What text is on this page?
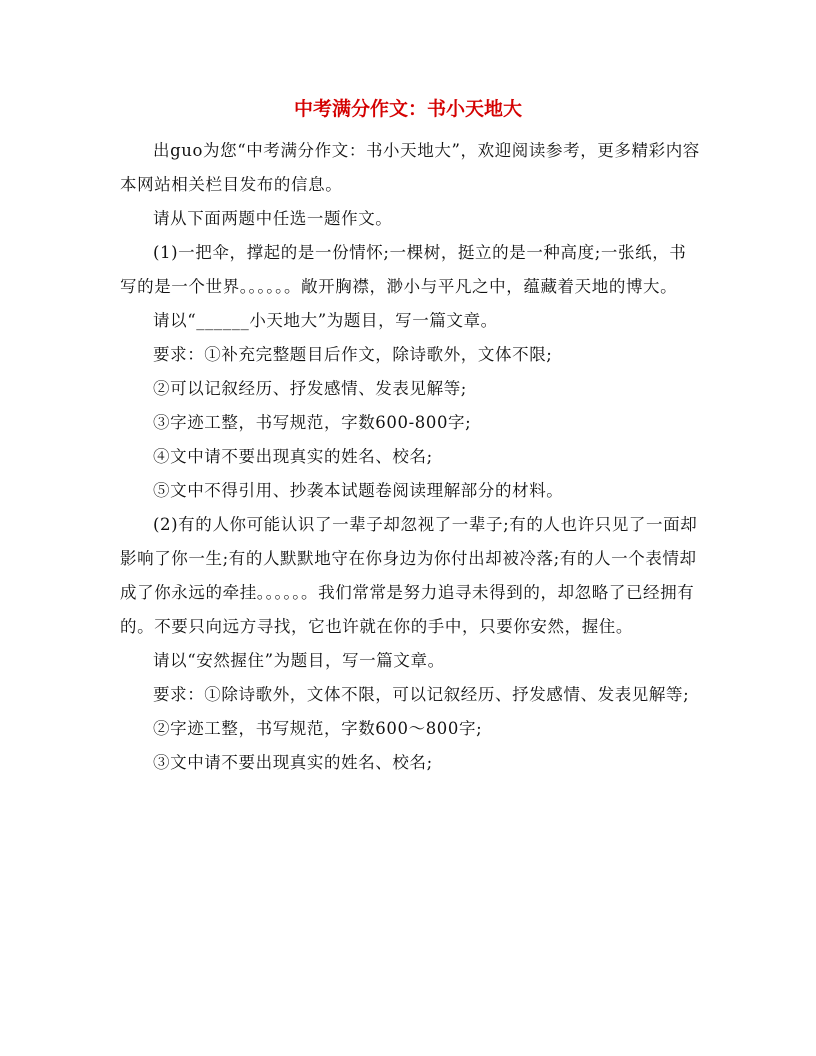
中考满分作文：书小天地大

出guo为您“中考满分作文：书小天地大”，欢迎阅读参考，更多精彩内容本网站相关栏目发布的信息。

请从下面两题中任选一题作文。

(1)一把伞，撑起的是一份情怀;一棵树，挺立的是一种高度;一张纸，书写的是一个世界。。。。。。敞开胸襟，渺小与平凡之中，蕴藏着天地的博大。

请以“______小天地大”为题目，写一篇文章。

要求：①补充完整题目后作文，除诗歌外，文体不限;

②可以记叙经历、抒发感情、发表见解等;

③字迹工整，书写规范，字数600-800字;

④文中请不要出现真实的姓名、校名;

⑤文中不得引用、抄袭本试题卷阅读理解部分的材料。

(2)有的人你可能认识了一辈子却忽视了一辈子;有的人也许只见了一面却影响了你一生;有的人默默地守在你身边为你付出却被冷落;有的人一个表情却成了你永远的牵挂。。。。。。我们常常是努力追寻未得到的，却忽略了已经拥有的。不要只向远方寻找，它也许就在你的手中，只要你安然，握住。

请以“安然握住”为题目，写一篇文章。

要求：①除诗歌外，文体不限，可以记叙经历、抒发感情、发表见解等;

②字迹工整，书写规范，字数600～800字;

③文中请不要出现真实的姓名、校名;
